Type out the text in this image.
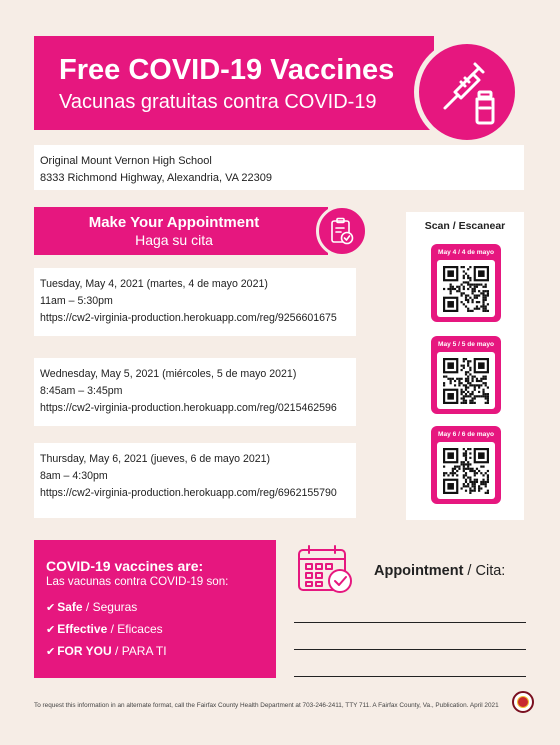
Free COVID-19 Vaccines
Vacunas gratuitas contra COVID-19
Original Mount Vernon High School
8333 Richmond Highway, Alexandria, VA 22309
Make Your Appointment
Haga su cita
Tuesday, May 4, 2021 (martes, 4 de mayo 2021)
11am – 5:30pm
https://cw2-virginia-production.herokuapp.com/reg/9256601675
Wednesday, May 5, 2021 (miércoles, 5 de mayo 2021)
8:45am – 3:45pm
https://cw2-virginia-production.herokuapp.com/reg/0215462596
Thursday, May 6, 2021 (jueves, 6 de mayo 2021)
8am – 4:30pm
https://cw2-virginia-production.herokuapp.com/reg/6962155790
Scan / Escanear
May 4 / 4 de mayo
May 5 / 5 de mayo
May 6 / 6 de mayo
COVID-19 vaccines are:
Las vacunas contra COVID-19 son:
✔ Safe / Seguras
✔ Effective / Eficaces
✔ FOR YOU / PARA TI
Appointment / Cita:
To request this information in an alternate format, call the Fairfax County Health Department at 703-246-2411, TTY 711. A Fairfax County, Va., Publication. April 2021
